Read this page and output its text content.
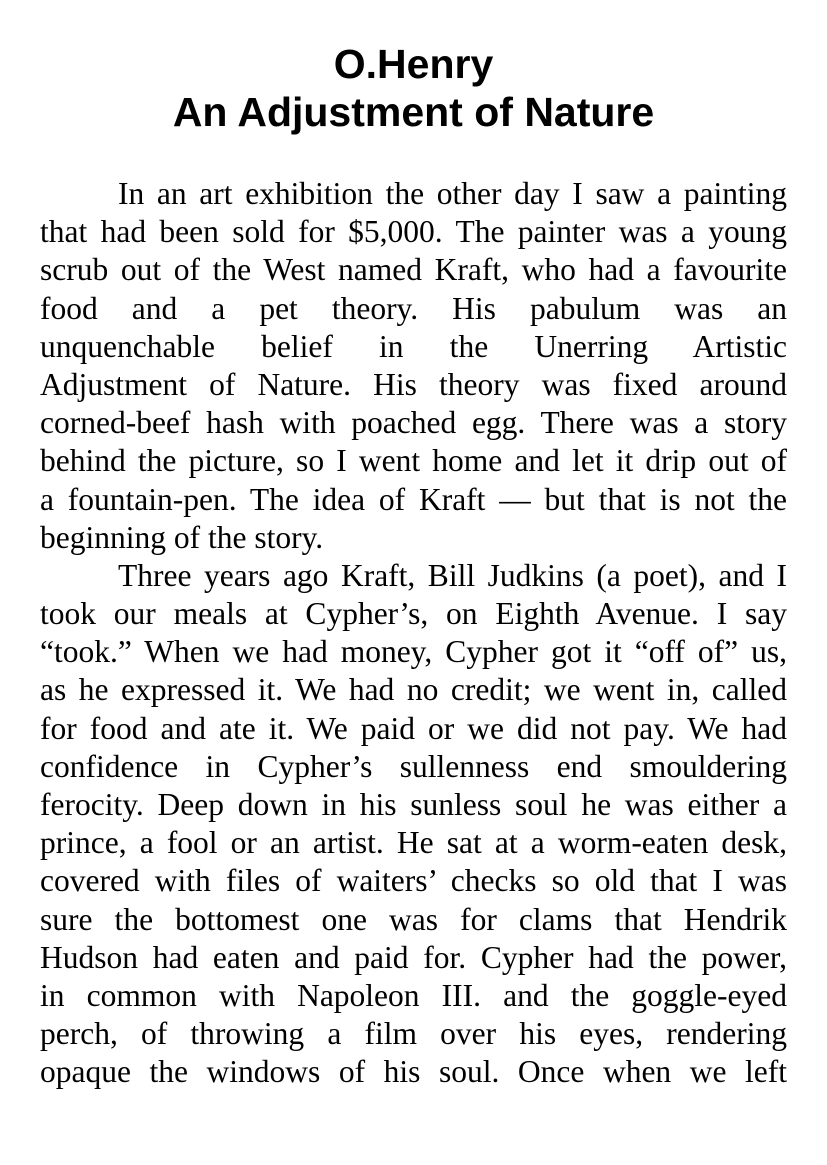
O.Henry
An Adjustment of Nature
In an art exhibition the other day I saw a painting
that had been sold for $5,000. The painter was a young
scrub out of the West named Kraft, who had a favourite
food and a pet theory. His pabulum was an
unquenchable belief in the Unerring Artistic
Adjustment of Nature. His theory was fixed around
corned-beef hash with poached egg. There was a story
behind the picture, so I went home and let it drip out of
a fountain-pen. The idea of Kraft — but that is not the
beginning of the story.
Three years ago Kraft, Bill Judkins (a poet), and I
took our meals at Cypher’s, on Eighth Avenue. I say
“took.” When we had money, Cypher got it “off of” us,
as he expressed it. We had no credit; we went in, called
for food and ate it. We paid or we did not pay. We had
confidence in Cypher’s sullenness end smouldering
ferocity. Deep down in his sunless soul he was either a
prince, a fool or an artist. He sat at a worm-eaten desk,
covered with files of waiters’ checks so old that I was
sure the bottomest one was for clams that Hendrik
Hudson had eaten and paid for. Cypher had the power,
in common with Napoleon III. and the goggle-eyed
perch, of throwing a film over his eyes, rendering
opaque the windows of his soul. Once when we left
